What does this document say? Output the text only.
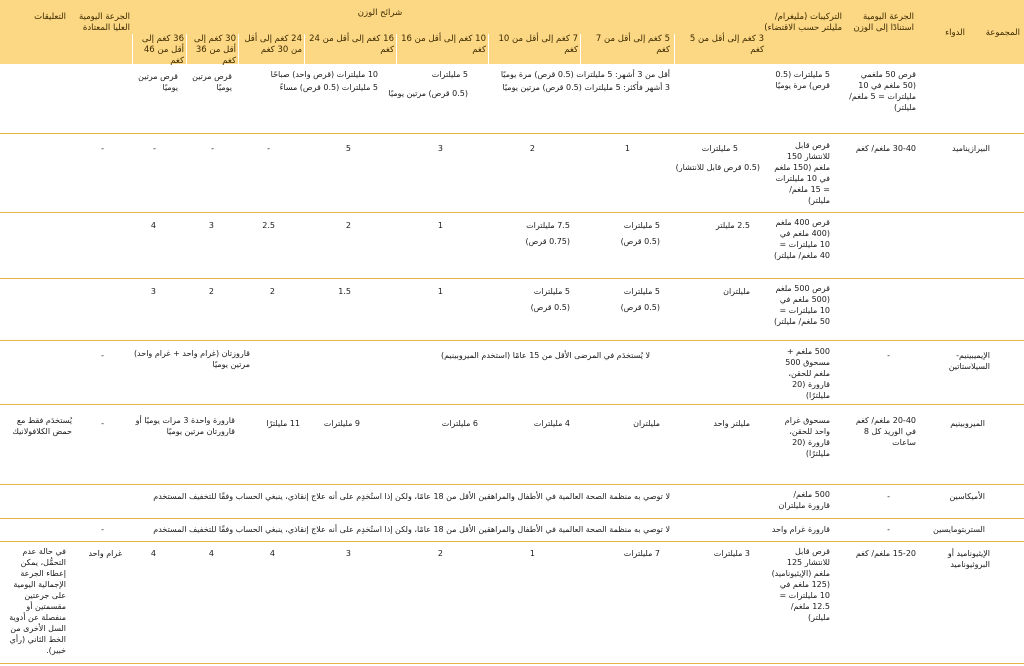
المجموعة
الدواء
الجرعة اليومية استنادًا إلى الوزن
التركيبات (مليغرام/ مليلتر حسب الاقتضاء)
شرائح الوزن
3 كغم إلى أقل من 5 كغم
5 كغم إلى أقل من 7 كغم
7 كغم إلى أقل من 10 كغم
10 كغم إلى أقل من 16 كغم
16 كغم إلى أقل من 24 كغم
24 كغم إلى أقل من 30 كغم
30 كغم إلى أقل من 36 كغم
36 كغم إلى أقل من 46 كغم
الجرعة اليومية العليا المعتادة
التعليقات
قرص 50 ملغمي (50 ملغم في 10 مليلترات = 5 ملغم/ مليلتر)
5 مليلترات (0.5 قرص) مرة يوميًا
أقل من 3 أشهر: 5 مليلترات (0.5 قرص) مرة يوميًا
3 أشهر فأكثر: 5 مليلترات (0.5 قرص) مرتين يوميًا
5 مليلترات
(0.5 قرص) مرتين يوميًا
10 مليلترات (قرص واحد) صباحًا
5 مليلترات (0.5 قرص) مساءً
قرص مرتين يوميًا
قرص مرتين يوميًا
البيرازيناميد
30-40 ملغم/ كغم
قرص قابل للانتشار 150 ملغم (150 ملغم في 10 مليلترات = 15 ملغم/ مليلتر)
5 مليلترات
(0.5 قرص قابل للانتشار)
1
2
3
5
-
-
-
-
قرص 400 ملغم (400 ملغم في 10 مليلترات = 40 ملغم/ مليلتر)
2.5 مليلتر
5 مليلترات
(0.5 قرص)
7.5 مليلترات
(0.75 قرص)
1
2
2.5
3
4
قرص 500 ملغم (500 ملغم في 10 مليلترات = 50 ملغم/ مليلتر)
مليلتران
5 مليلترات
(0.5 قرص)
5 مليلترات
(0.5 قرص)
1
1.5
2
2
3
الإيميبينيم- السيلاستاتين
-
500 ملغم + مسحوق 500 ملغم للحقن، قارورة (20 مليلترًا)
لا يُستخدَم في المرضى الأقل من 15 عامًا (استخدم الميروبينيم)
قاروزتان (غرام واحد + غرام واحد) مرتين يوميًا
-
الميروبينيم
20-40 ملغم/ كغم في الوريد كل 8 ساعات
مسحوق غرام واحد للحقن، قارورة (20 مليلترًا)
مليلتر واحد
مليلتران
4 مليلترات
6 مليلترات
9 مليلترات
11 مليلترًا
قارورة واحدة 3 مرات يوميًا أو قارورتان مرتين يوميًا
-
يُستخدَم فقط مع حمض الكلافولانيك
الأميكاسين
-
500 ملغم/ قارورة مليلتران
لا توصي به منظمة الصحة العالمية في الأطفال والمراهقين الأقل من 18 عامًا، ولكن إذا استُخدِم على أنه علاج إنقاذي، ينبغي الحساب وفقًا للتخفيف المستخدم
الستربتومايسين
-
قارورة غرام واحد
لا توصي به منظمة الصحة العالمية في الأطفال والمراهقين الأقل من 18 عامًا، ولكن إذا استُخدِم على أنه علاج إنقاذي، ينبغي الحساب وفقًا للتخفيف المستخدم
-
الإيثيوناميد أو البروثيوناميد
15-20 ملغم/ كغم
قرص قابل للانتشار 125 ملغم (الإيثيوناميد) (125 ملغم في 10 مليلترات = 12.5 ملغم/ مليلتر)
3 مليلترات
7 مليلترات
1
2
3
4
4
4
غرام واحد
في حالة عدم التحمُّل، يمكن إعطاء الجرعة الإجمالية اليومية على جرعتين مقسمتين أو منفصلة عن أدوية السل الأخرى من الخط الثاني (رأي خبير).
